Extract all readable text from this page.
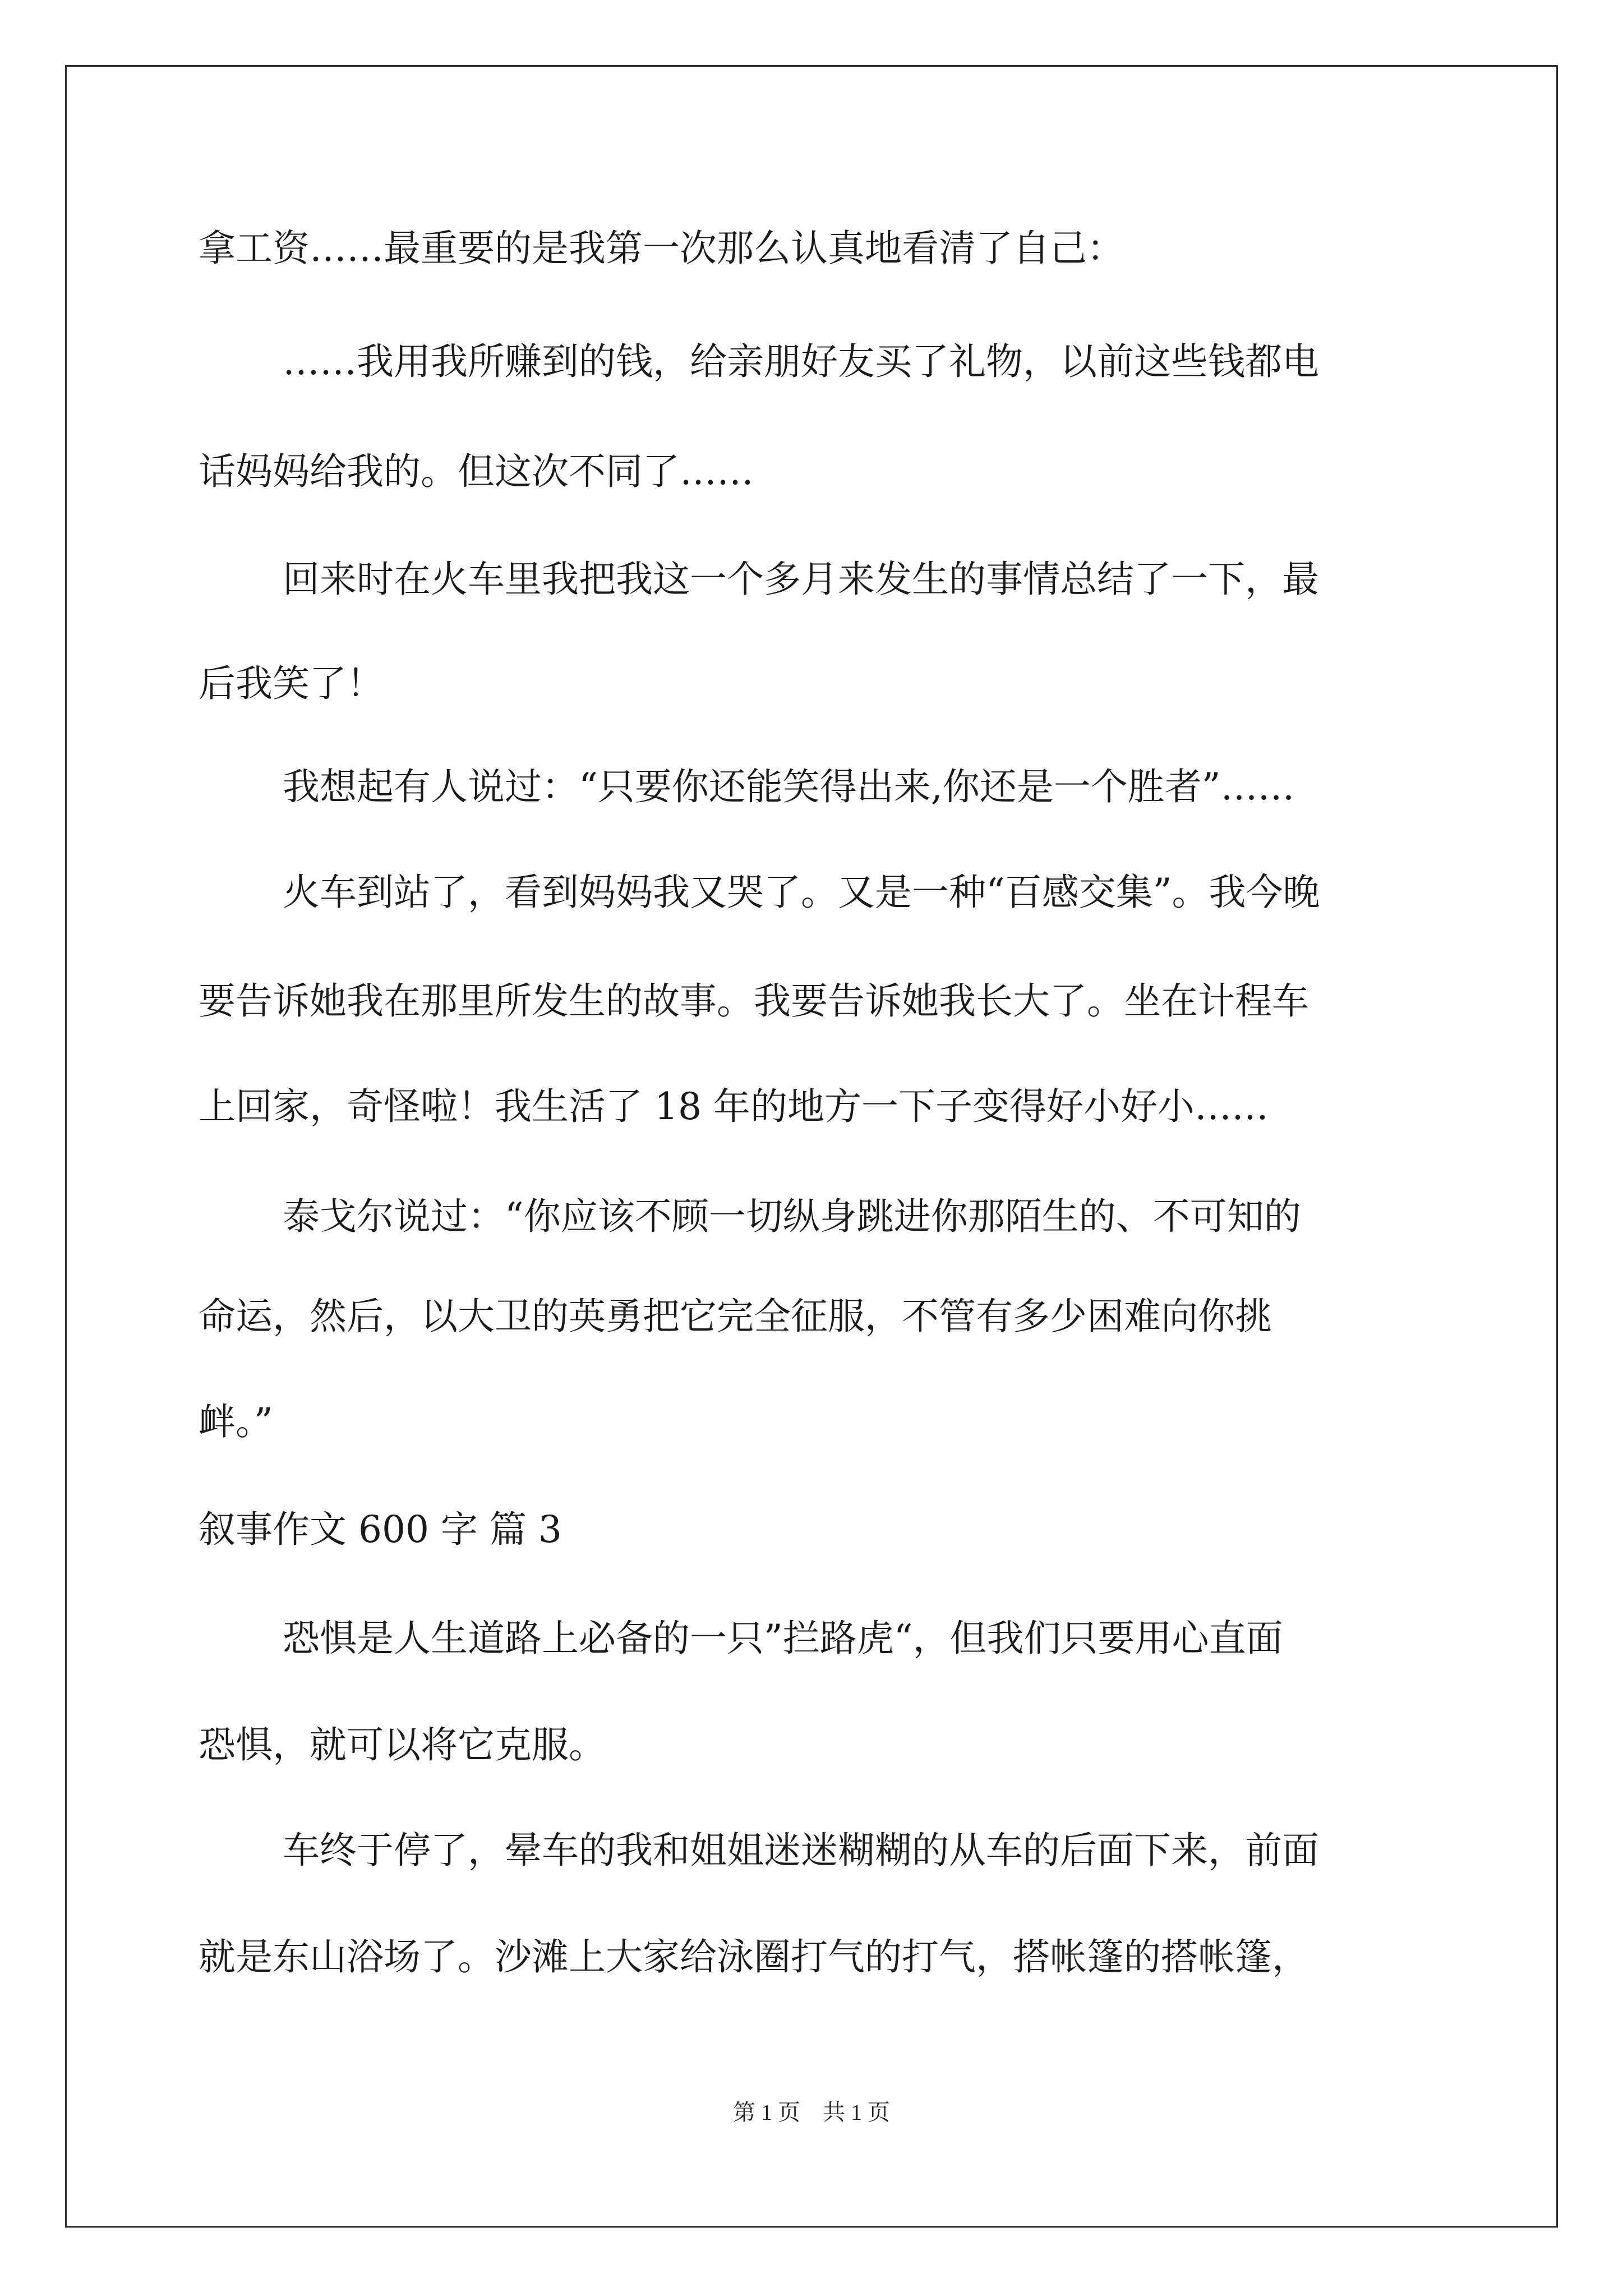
拿工资……最重要的是我第一次那么认真地看清了自己：
……我用我所赚到的钱，给亲朋好友买了礼物，以前这些钱都电
话妈妈给我的。但这次不同了……
回来时在火车里我把我这一个多月来发生的事情总结了一下，最
后我笑了！
我想起有人说过：“只要你还能笑得出来,你还是一个胜者”……
火车到站了，看到妈妈我又哭了。又是一种“百感交集”。我今晚
要告诉她我在那里所发生的故事。我要告诉她我长大了。坐在计程车
上回家，奇怪啦！我生活了 18 年的地方一下子变得好小好小……
泰戈尔说过：“你应该不顾一切纵身跳进你那陌生的、不可知的
命运，然后，以大卫的英勇把它完全征服，不管有多少困难向你挑
衅。”
叙事作文 600 字 篇 3
恐惧是人生道路上必备的一只”拦路虎“，但我们只要用心直面
恐惧，就可以将它克服。
车终于停了，晕车的我和姐姐迷迷糊糊的从车的后面下来，前面
就是东山浴场了。沙滩上大家给泳圈打气的打气，搭帐篷的搭帐篷，
第 1 页    共 1 页
